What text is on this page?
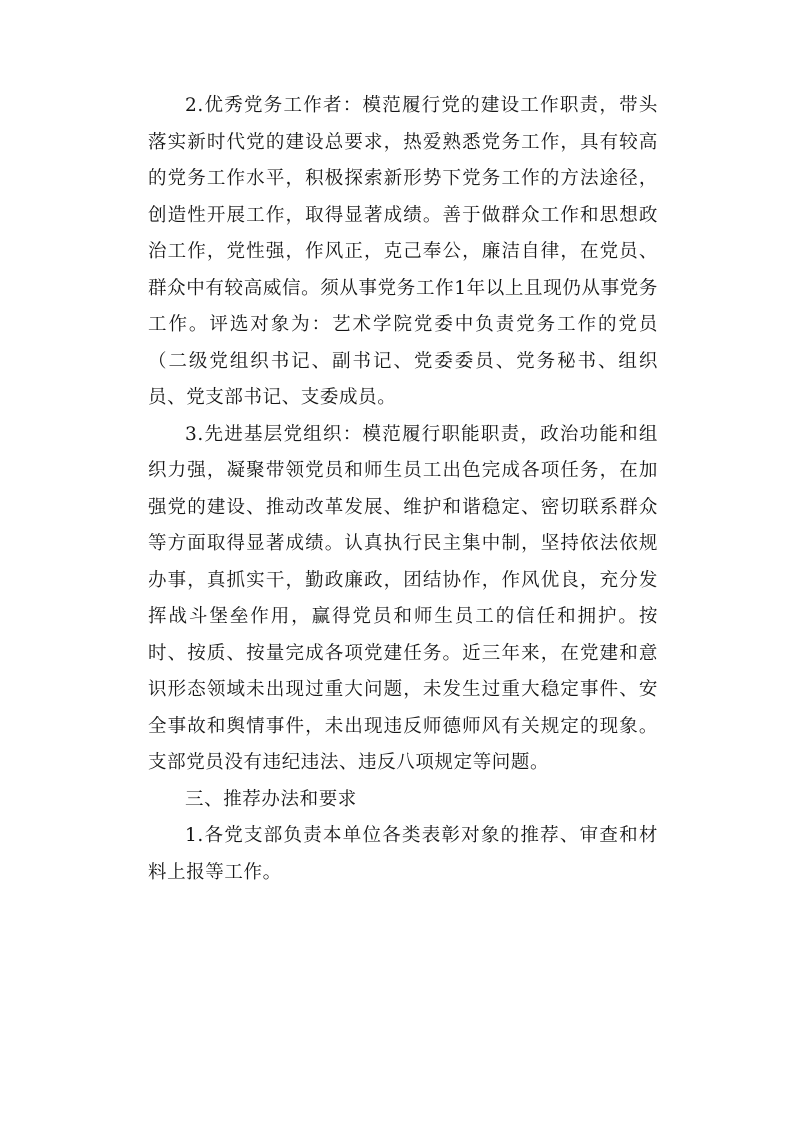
2.优秀党务工作者：模范履行党的建设工作职责，带头落实新时代党的建设总要求，热爱熟悉党务工作，具有较高的党务工作水平，积极探索新形势下党务工作的方法途径，创造性开展工作，取得显著成绩。善于做群众工作和思想政治工作，党性强，作风正，克己奉公，廉洁自律，在党员、群众中有较高威信。须从事党务工作1年以上且现仍从事党务工作。评选对象为：艺术学院党委中负责党务工作的党员（二级党组织书记、副书记、党委委员、党务秘书、组织员、党支部书记、支委成员。

3.先进基层党组织：模范履行职能职责，政治功能和组织力强，凝聚带领党员和师生员工出色完成各项任务，在加强党的建设、推动改革发展、维护和谐稳定、密切联系群众等方面取得显著成绩。认真执行民主集中制，坚持依法依规办事，真抓实干，勤政廉政，团结协作，作风优良，充分发挥战斗堡垒作用，赢得党员和师生员工的信任和拥护。按时、按质、按量完成各项党建任务。近三年来，在党建和意识形态领域未出现过重大问题，未发生过重大稳定事件、安全事故和舆情事件，未出现违反师德师风有关规定的现象。支部党员没有违纪违法、违反八项规定等问题。

三、推荐办法和要求

1.各党支部负责本单位各类表彰对象的推荐、审查和材料上报等工作。
